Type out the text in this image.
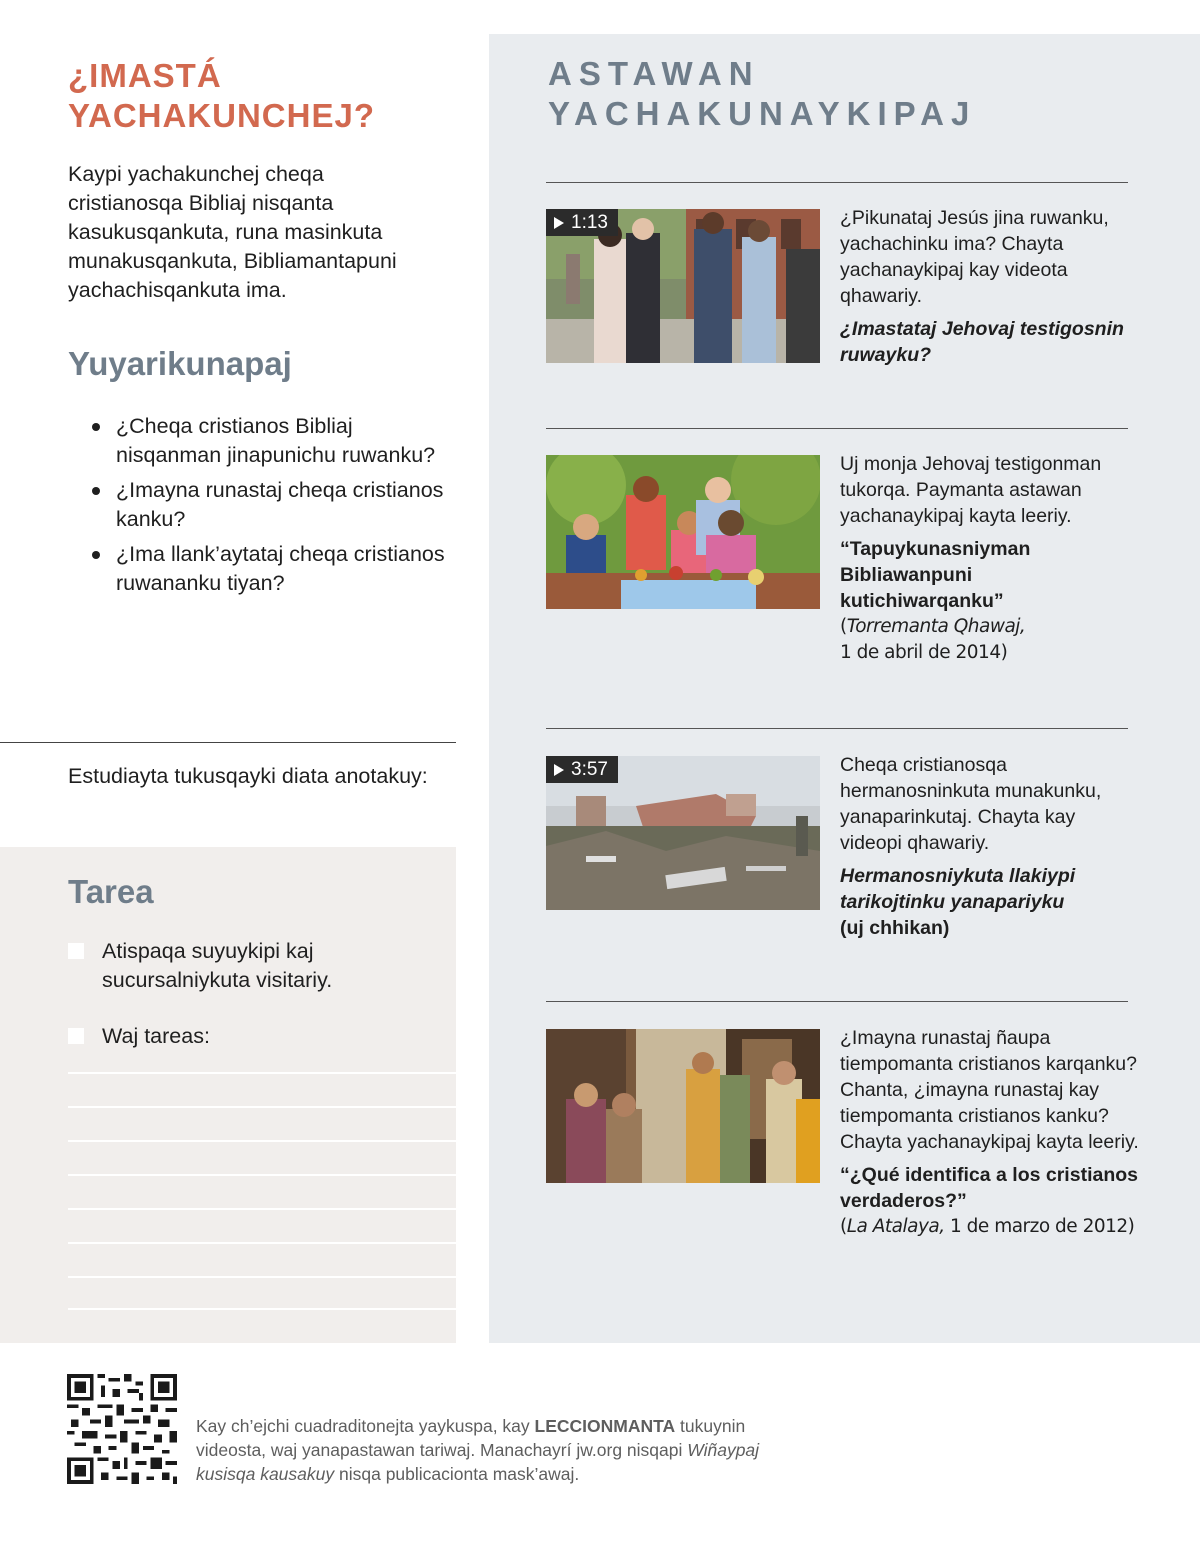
¿IMASTÁ
YACHAKUNCHEJ?

Kaypi yachakunchej cheqa cristianosqa Bibliaj nisqanta kasukusqankuta, runa masinkuta munakusqankuta, Bibliamantapuni yachachisqankuta ima.

Yuyarikunapaj
¿Cheqa cristianos Bibliaj nisqanman jinapunichu ruwanku?
¿Imayna runastaj cheqa cristianos kanku?
¿Ima llank’aytataj cheqa cristianos ruwananku tiyan?

Estudiayta tukusqayki diata anotakuy:

Tarea
Atispaqa suyuykipi kaj sucursalniykuta visitariy.
Waj tareas:
ASTAWAN
YACHAKUNAYKIPAJ
1:13	¿Pikunataj Jesús jina ruwanku, yachachinku ima? Chayta yachanaykipaj kay videota qhawariy.

¿Imastataj Jehovaj testigosnin ruwayku?

Uj monja Jehovaj testigonman tukorqa. Paymanta astawan yachanaykipaj kayta leeriy.

“Tapuykunasniyman Bibliawanpuni kutichiwarqanku”

(Torremanta Qhawaj,
1 de abril de 2014)

3:57	Cheqa cristianosqa hermanosninkuta munakunku, yanaparinkutaj. Chayta kay videopi qhawariy.

Hermanosniykuta llakiypi tarikojtinku yanapariyku

(uj chhikan)

¿Imayna runastaj ñaupa tiempomanta cristianos karqanku? Chanta, ¿imayna runastaj kay tiempomanta cristianos kanku? Chayta yachanaykipaj kayta leeriy.

“¿Qué identifica a los cristianos verdaderos?”

(La Atalaya, 1 de marzo de 2012)

Kay ch’ejchi cuadraditonejta yaykuspa, kay LECCIONMANTA tukuynin videosta, waj yanapastawan tariwaj. Manachayrí jw.org nisqapi Wiñaypaj kusisqa kausakuy nisqa publicacionta mask’awaj.
